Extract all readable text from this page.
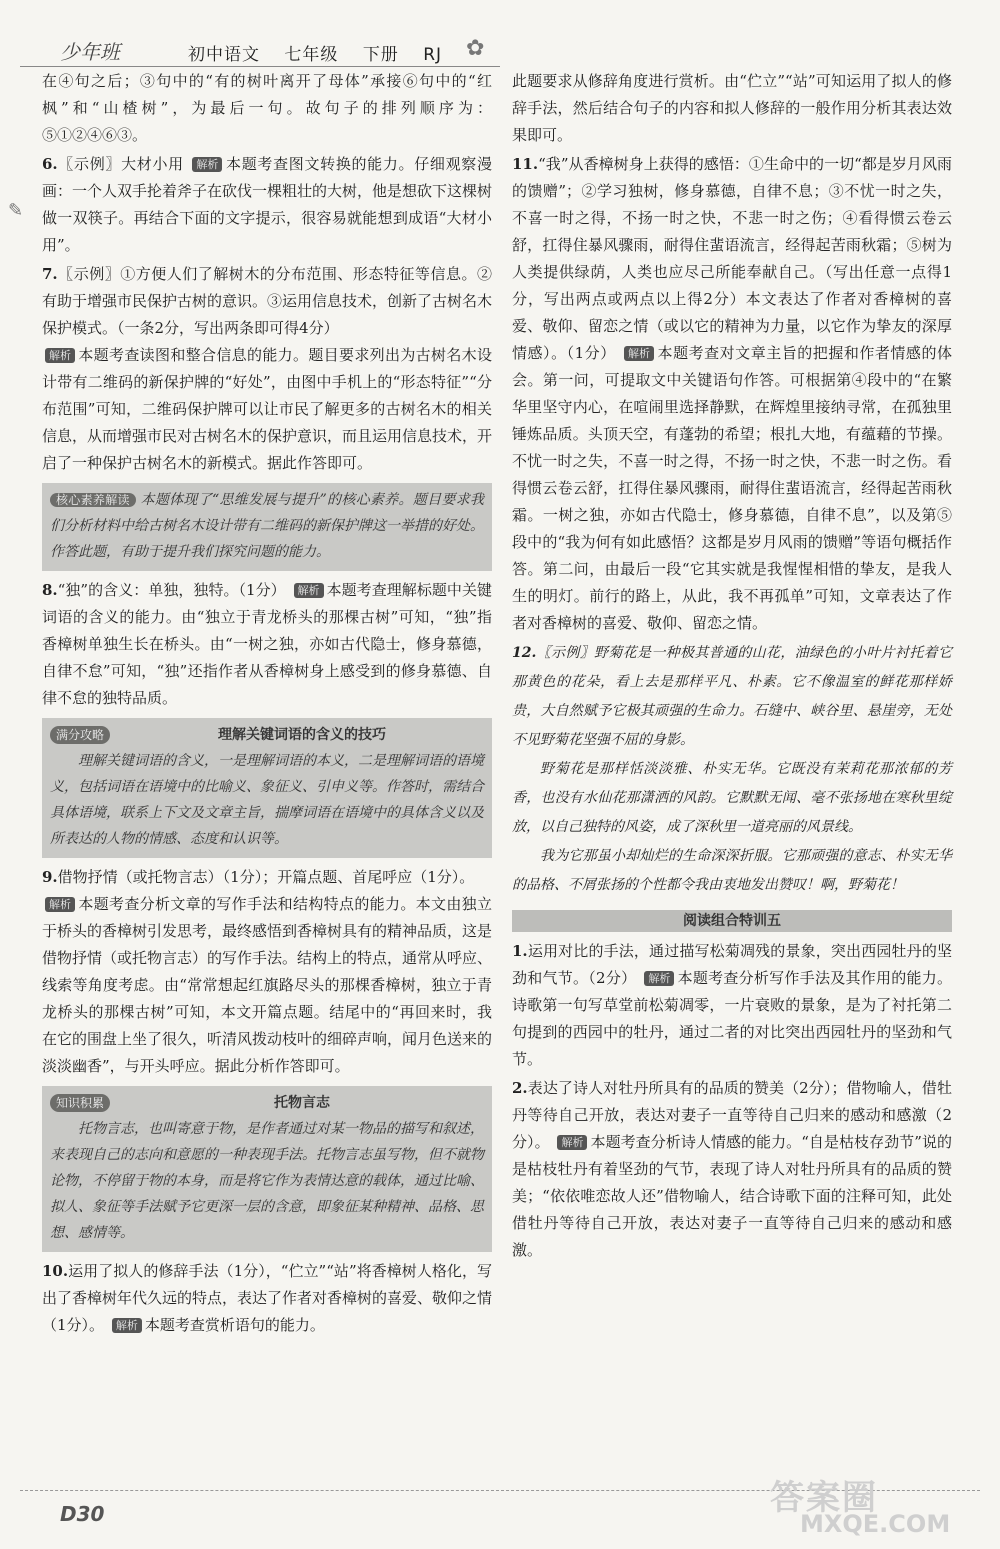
少年班	初中语文 七年级 下册 RJ	✿
✎

在④句之后；③句中的“有的树叶离开了母体”承接⑥句中的“红枫”和“山楂树”，为最后一句。故句子的排列顺序为：⑤①②④⑥③。

6.〖示例〗大材小用 解析 本题考查图文转换的能力。仔细观察漫画：一个人双手抡着斧子在砍伐一棵粗壮的大树，他是想砍下这棵树做一双筷子。再结合下面的文字提示，很容易就能想到成语“大材小用”。

7.〖示例〗①方便人们了解树木的分布范围、形态特征等信息。②有助于增强市民保护古树的意识。③运用信息技术，创新了古树名木保护模式。（一条2分，写出两条即可得4分）
解析 本题考查读图和整合信息的能力。题目要求列出为古树名木设计带有二维码的新保护牌的“好处”，由图中手机上的“形态特征”“分布范围”可知，二维码保护牌可以让市民了解更多的古树名木的相关信息，从而增强市民对古树名木的保护意识，而且运用信息技术，开启了一种保护古树名木的新模式。据此作答即可。

核心素养解读 本题体现了“思维发展与提升”的核心素养。题目要求我们分析材料中给古树名木设计带有二维码的新保护牌这一举措的好处。作答此题，有助于提升我们探究问题的能力。

8.“独”的含义：单独，独特。（1分） 解析 本题考查理解标题中关键词语的含义的能力。由“独立于青龙桥头的那棵古树”可知，“独”指香樟树单独生长在桥头。由“一树之独，亦如古代隐士，修身慕德，自律不怠”可知，“独”还指作者从香樟树身上感受到的修身慕德、自律不怠的独特品质。

满分攻略	理解关键词语的含义的技巧
理解关键词语的含义，一是理解词语的本义，二是理解词语的语境义，包括词语在语境中的比喻义、象征义、引申义等。作答时，需结合具体语境，联系上下文及文章主旨，揣摩词语在语境中的具体含义以及所表达的人物的情感、态度和认识等。

9.借物抒情（或托物言志）（1分）；开篇点题、首尾呼应（1分）。
解析 本题考查分析文章的写作手法和结构特点的能力。本文由独立于桥头的香樟树引发思考，最终感悟到香樟树具有的精神品质，这是借物抒情（或托物言志）的写作手法。结构上的特点，通常从呼应、线索等角度考虑。由“常常想起红旗路尽头的那棵香樟树，独立于青龙桥头的那棵古树”可知，本文开篇点题。结尾中的“再回来时，我在它的围盘上坐了很久，听清风拨动枝叶的细碎声响，闻月色送来的淡淡幽香”，与开头呼应。据此分析作答即可。

知识积累	托物言志
托物言志，也叫寄意于物，是作者通过对某一物品的描写和叙述，来表现自己的志向和意愿的一种表现手法。托物言志虽写物，但不就物论物，不停留于物的本身，而是将它作为表情达意的载体，通过比喻、拟人、象征等手法赋予它更深一层的含意，即象征某种精神、品格、思想、感情等。

10.运用了拟人的修辞手法（1分），“伫立”“站”将香樟树人格化，写出了香樟树年代久远的特点，表达了作者对香樟树的喜爱、敬仰之情（1分）。 解析 本题考查赏析语句的能力。

此题要求从修辞角度进行赏析。由“伫立”“站”可知运用了拟人的修辞手法，然后结合句子的内容和拟人修辞的一般作用分析其表达效果即可。

11.“我”从香樟树身上获得的感悟：①生命中的一切“都是岁月风雨的馈赠”；②学习独树，修身慕德，自律不息；③不忧一时之失，不喜一时之得，不扬一时之快，不悲一时之伤；④看得惯云卷云舒，扛得住暴风骤雨，耐得住蜚语流言，经得起苦雨秋霜；⑤树为人类提供绿荫，人类也应尽己所能奉献自己。（写出任意一点得1分，写出两点或两点以上得2分）本文表达了作者对香樟树的喜爱、敬仰、留恋之情（或以它的精神为力量，以它作为挚友的深厚情感）。（1分） 解析 本题考查对文章主旨的把握和作者情感的体会。第一问，可提取文中关键语句作答。可根据第④段中的“在繁华里坚守内心，在喧闹里选择静默，在辉煌里接纳寻常，在孤独里锤炼品质。头顶天空，有蓬勃的希望；根扎大地，有蕴藉的节操。不忧一时之失，不喜一时之得，不扬一时之快，不悲一时之伤。看得惯云卷云舒，扛得住暴风骤雨，耐得住蜚语流言，经得起苦雨秋霜。一树之独，亦如古代隐士，修身慕德，自律不息”，以及第⑤段中的“我为何有如此感悟？这都是岁月风雨的馈赠”等语句概括作答。第二问，由最后一段“它其实就是我惺惺相惜的挚友，是我人生的明灯。前行的路上，从此，我不再孤单”可知，文章表达了作者对香樟树的喜爱、敬仰、留恋之情。

12.〖示例〗野菊花是一种极其普通的山花，油绿色的小叶片衬托着它那黄色的花朵，看上去是那样平凡、朴素。它不像温室的鲜花那样娇贵，大自然赋予它极其顽强的生命力。石缝中、峡谷里、悬崖旁，无处不见野菊花坚强不屈的身影。

野菊花是那样恬淡淡雅、朴实无华。它既没有茉莉花那浓郁的芳香，也没有水仙花那潇洒的风韵。它默默无闻、毫不张扬地在寒秋里绽放，以自己独特的风姿，成了深秋里一道亮丽的风景线。

我为它那虽小却灿烂的生命深深折服。它那顽强的意志、朴实无华的品格、不屑张扬的个性都令我由衷地发出赞叹！啊，野菊花！

阅读组合特训五

1.运用对比的手法，通过描写松菊凋残的景象，突出西园牡丹的坚劲和气节。（2分） 解析 本题考查分析写作手法及其作用的能力。诗歌第一句写草堂前松菊凋零，一片衰败的景象，是为了衬托第二句提到的西园中的牡丹，通过二者的对比突出西园牡丹的坚劲和气节。

2.表达了诗人对牡丹所具有的品质的赞美（2分）；借物喻人，借牡丹等待自己开放，表达对妻子一直等待自己归来的感动和感激（2分）。 解析 本题考查分析诗人情感的能力。“自是枯枝存劲节”说的是枯枝牡丹有着坚劲的气节，表现了诗人对牡丹所具有的品质的赞美；“依依唯恋故人还”借物喻人，结合诗歌下面的注释可知，此处借牡丹等待自己开放，表达对妻子一直等待自己归来的感动和感激。

D30	答案圈
MXQE.COM
